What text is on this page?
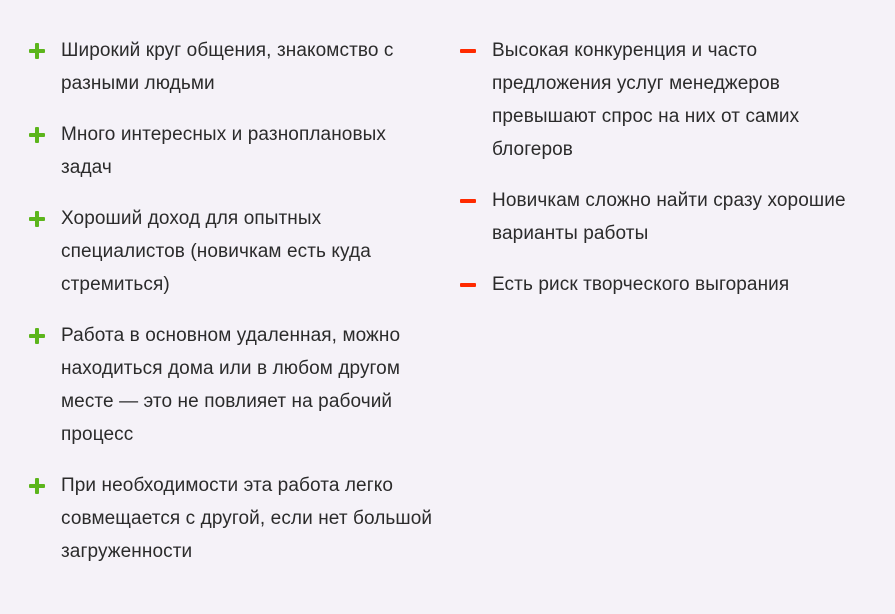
Широкий круг общения, знакомство с разными людьми
Много интересных и разноплановых задач
Хороший доход для опытных специалистов (новичкам есть куда стремиться)
Работа в основном удаленная, можно находиться дома или в любом другом месте — это не повлияет на рабочий процесс
При необходимости эта работа легко совмещается с другой, если нет большой загруженности
Высокая конкуренция и часто предложения услуг менеджеров превышают спрос на них от самих блогеров
Новичкам сложно найти сразу хорошие варианты работы
Есть риск творческого выгорания
